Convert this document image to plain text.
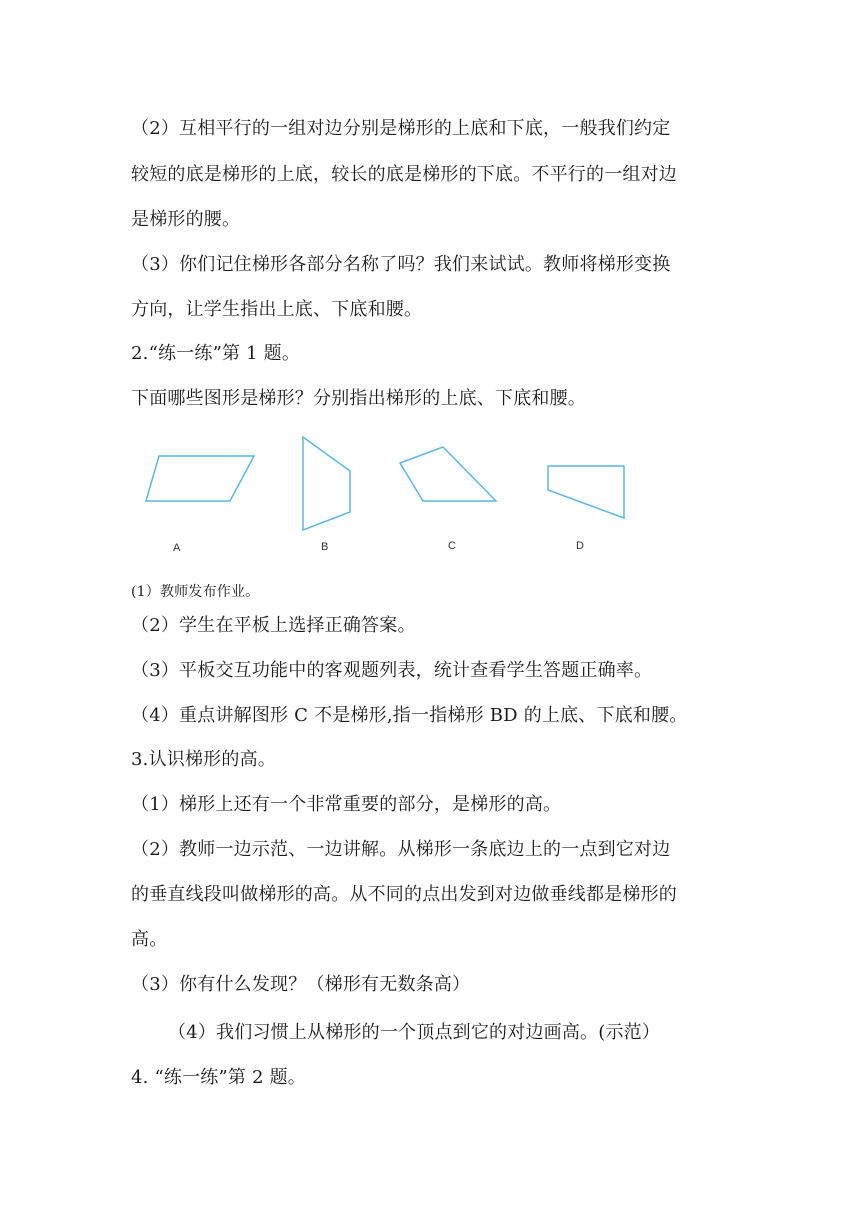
（2）互相平行的一组对边分别是梯形的上底和下底，一般我们约定
较短的底是梯形的上底，较长的底是梯形的下底。不平行的一组对边
是梯形的腰。
（3）你们记住梯形各部分名称了吗？我们来试试。教师将梯形变换
方向，让学生指出上底、下底和腰。
2.“练一练”第 1 题。
下面哪些图形是梯形？分别指出梯形的上底、下底和腰。
A	B	C	D
(1）教师发布作业。
（2）学生在平板上选择正确答案。
（3）平板交互功能中的客观题列表，统计查看学生答题正确率。
（4）重点讲解图形 C 不是梯形,指一指梯形 BD 的上底、下底和腰。
3.认识梯形的高。
（1）梯形上还有一个非常重要的部分，是梯形的高。
（2）教师一边示范、一边讲解。从梯形一条底边上的一点到它对边
的垂直线段叫做梯形的高。从不同的点出发到对边做垂线都是梯形的
高。
（3）你有什么发现？（梯形有无数条高）
（4）我们习惯上从梯形的一个顶点到它的对边画高。(示范）
4. “练一练”第 2 题。
